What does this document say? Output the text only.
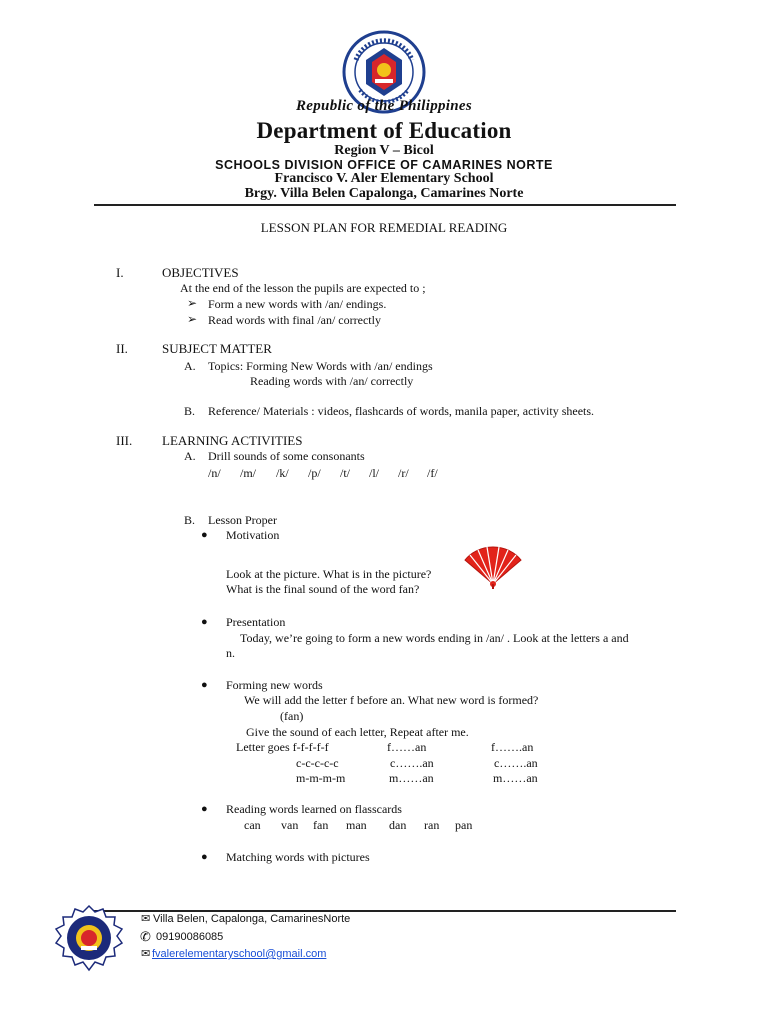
Republic of the Philippines
Department of Education
Region V – Bicol
SCHOOLS DIVISION OFFICE OF CAMARINES NORTE
Francisco V. Aler Elementary School
Brgy. Villa Belen Capalonga, Camarines Norte
LESSON PLAN FOR REMEDIAL READING
I.	OBJECTIVES
At the end of the lesson the pupils are expected to ;
➢ Form a new words with /an/ endings.
➢ Read words with final /an/ correctly
II.	SUBJECT MATTER
A. Topics: Forming New Words with /an/ endings
Reading words with /an/ correctly
B. Reference/ Materials : videos, flashcards of words, manila paper, activity sheets.
III. LEARNING ACTIVITIES
A. Drill sounds of some consonants
/n/ /m/ /k/ /p/ /t/ /l/ /r/ /f/
B. Lesson Proper
● Motivation
Look at the picture. What is in the picture?
What is the final sound of the word fan?
● Presentation
Today, we’re going to form a new words ending in /an/ . Look at the letters a and
n.
● Forming new words
We will add the letter f before an. What new word is formed?
(fan)
Give the sound of each letter, Repeat after me.
Letter goes f-f-f-f-f	f……an	f…….an
c-c-c-c-c	c…….an	c…….an
m-m-m-m	m……an	m……an
● Reading words learned on flasscards
can van fan man dan ran pan
● Matching words with pictures
✉ Villa Belen, Capalonga, CamarinesNorte
✆ 09190086085
✉ fvalerelementaryschool@gmail.com
